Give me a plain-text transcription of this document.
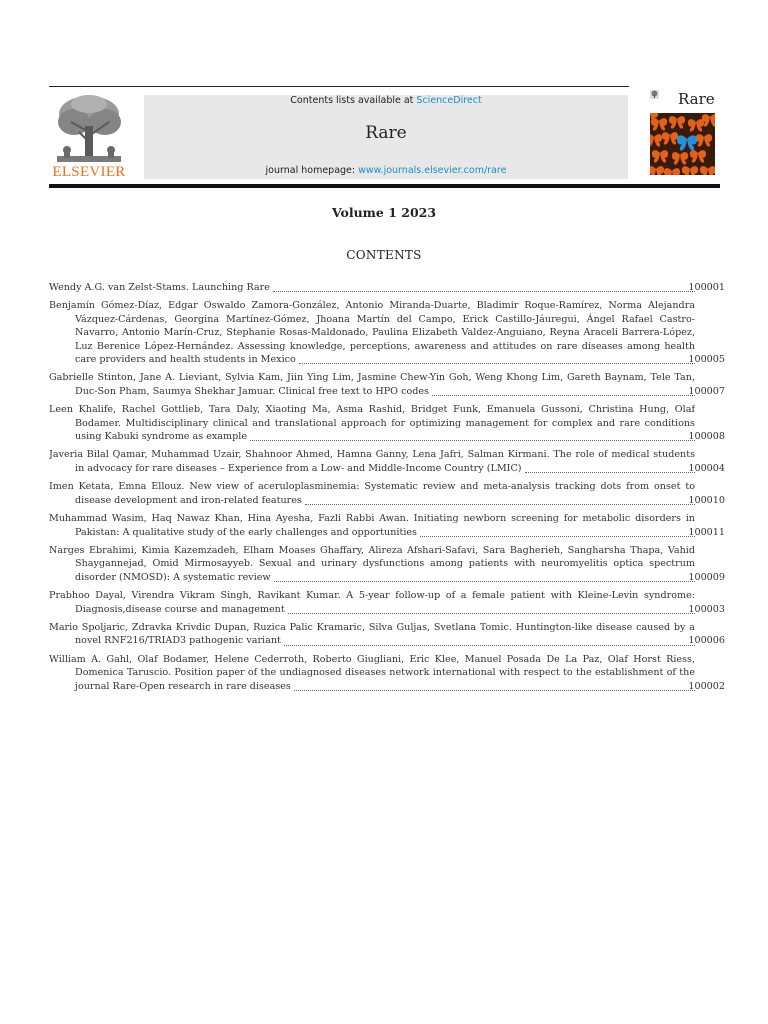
ELSEVIER
Contents lists available at ScienceDirect
Rare
journal homepage: www.journals.elsevier.com/rare
Rare
Volume 1 2023
CONTENTS
Wendy A.G. van Zelst-Stams. Launching Rare	100001
Benjamín Gómez-Díaz, Edgar Oswaldo Zamora-González, Antonio Miranda-Duarte, Bladimir Roque-Ramírez, Norma Alejandra Vázquez-Cárdenas, Georgina Martínez-Gómez, Jhoana Martín del Campo, Erick Castillo-Jáuregui, Ángel Rafael Castro-Navarro, Antonio Marín-Cruz, Stephanie Rosas-Maldonado, Paulina Elizabeth Valdez-Anguiano, Reyna Araceli Barrera-López, Luz Berenice López-Hernández. Assessing knowledge, perceptions, awareness and attitudes on rare diseases among health care providers and health students in Mexico	100005
Gabrielle Stinton, Jane A. Lieviant, Sylvia Kam, Jiin Ying Lim, Jasmine Chew-Yin Goh, Weng Khong Lim, Gareth Baynam, Tele Tan, Duc-Son Pham, Saumya Shekhar Jamuar. Clinical free text to HPO codes	100007
Leen Khalife, Rachel Gottlieb, Tara Daly, Xiaoting Ma, Asma Rashid, Bridget Funk, Emanuela Gussoni, Christina Hung, Olaf Bodamer. Multidisciplinary clinical and translational approach for optimizing management for complex and rare conditions using Kabuki syndrome as example	100008
Javeria Bilal Qamar, Muhammad Uzair, Shahnoor Ahmed, Hamna Ganny, Lena Jafri, Salman Kirmani. The role of medical students in advocacy for rare diseases – Experience from a Low- and Middle-Income Country (LMIC)	100004
Imen Ketata, Emna Ellouz. New view of aceruloplasminemia: Systematic review and meta-analysis tracking dots from onset to disease development and iron-related features	100010
Muhammad Wasim, Haq Nawaz Khan, Hina Ayesha, Fazli Rabbi Awan. Initiating newborn screening for metabolic disorders in Pakistan: A qualitative study of the early challenges and opportunities	100011
Narges Ebrahimi, Kimia Kazemzadeh, Elham Moases Ghaffary, Alireza Afshari-Safavi, Sara Bagherieh, Sangharsha Thapa, Vahid Shaygannejad, Omid Mirmosayyeb. Sexual and urinary dysfunctions among patients with neuromyelitis optica spectrum disorder (NMOSD): A systematic review	100009
Prabhoo Dayal, Virendra Vikram Singh, Ravikant Kumar. A 5-year follow-up of a female patient with Kleine-Levin syndrome: Diagnosis,disease course and management	100003
Mario Spoljaric, Zdravka Krivdic Dupan, Ruzica Palic Kramaric, Silva Guljas, Svetlana Tomic. Huntington-like disease caused by a novel RNF216/TRIAD3 pathogenic variant	100006
William A. Gahl, Olaf Bodamer, Helene Cederroth, Roberto Giugliani, Eric Klee, Manuel Posada De La Paz, Olaf Horst Riess, Domenica Taruscio. Position paper of the undiagnosed diseases network international with respect to the establishment of the journal Rare-Open research in rare diseases	100002
